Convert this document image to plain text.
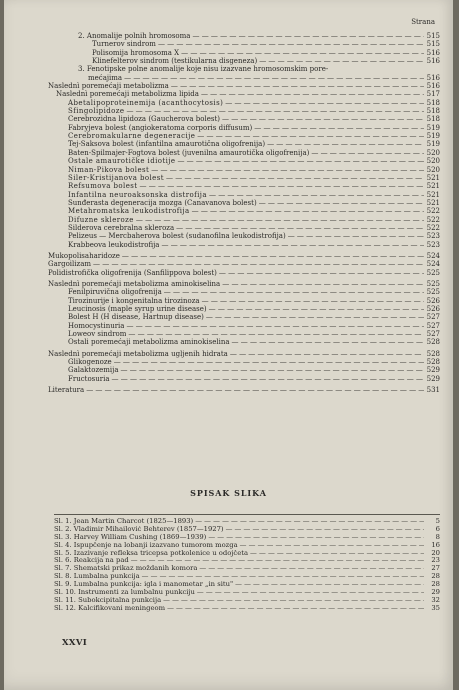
Strana
2. Anomalije polnih hromosoma — — —	515
Turnerov sindrom — — —	515
Polisomija hromosoma X — — —	516
Klinefelterov sindrom (testikularna disgeneza) — — —	516
3. Fenotipske polne anomalije koje nisu izazvane hromosomskim pore-
mećajima — — —	516
Naslednì poremećaji metabolizma — — —	516
Naslednì poremećaji metabolizma lipida — — —	517
Abetalipoproteinemija (acanthocytosis) — — —	518
Sfingolipidoze — — —	518
Cerebrozidna lipidoza (Gaucherova bolest) — — —	518
Fabryjeva bolest (angiokeratoma corporis diffusum) — — —	519
Cerebromakularne degeneracije — — —	519
Tej-Saksova bolest (infantilna amaurotična oligofrenija) — — —	519
Baten-Špilmajer-Fogtova bolest (juvenilna amaurotička oligofrenija) — — —	520
Ostale amaurotičke idiotije — — —	520
Niman-Pikova bolest — — —	520
Šiler-Kristijanova bolest — — —	521
Refsumova bolest — — —	521
Infantilna neuroaksonska distrofija — — —	521
Sunđerasta degeneracija mozga (Canavanova bolest) — — —	521
Metahromatska leukodistrofija — — —	522
Difuzne skleroze — — —	522
Šilderova cerebralna skleroza — — —	522
Pelizeus — Mercbaherova bolest (sudanofilna leukodistrofija) — — —	523
Krabbeova leukodistrofija — — —	523
Mukopolisaharidoze — — —	524
Gargoilizam — — —	524
Polidistrofička oligofrenija (Sanfilippova bolest) — — —	525
Naslednì poremećaji metabolizma aminokiselina — — —	525
Fenilpiruvična oligofrenija — — —	525
Tirozinurije i kongenitalna tirozinoza — — —	526
Leucinosis (maple syrup urine disease) — — —	526
Bolest H (H disease, Hartnup disease) — — —	527
Homocystinuria — — —	527
Loweov sindrom — — —	527
Ostali poremećaji metabolizma aminokiselina — — —	528
Naslednì poremećaji metabolizma ugljenih hidrata — — —	528
Glikogenoze — — —	528
Galaktozemija — — —	529
Fructosuria — — —	529
Literatura — — —	531
SPISAK SLIKA
Sl. 1. Jean Martin Charcot (1825—1893) — — —	5
Sl. 2. Vladimir Mihailović Behterev (1857—1927) — — —	6
Sl. 3. Harvey William Cushing (1869—1939) — — —	8
Sl. 4. Ispupčenje na lobanji izazvano tumorom mozga — — —	16
Sl. 5. Izazivanje refleksa tricepsa potkolenice u odojčeta — — —	20
Sl. 6. Reakcija na pad — — —	23
Sl. 7. Shematski prikaz moždanih komora — — —	27
Sl. 8. Lumbalna punkcija — — —	28
Sl. 9. Lumbalna punkcija: igla i manometar „in situ" — — —	28
Sl. 10. Instrumenti za lumbalnu punkciju — — —	29
Sl. 11. Subokcipitalna punkcija — — —	32
Sl. 12. Kalcifikovani meningeom — — —	35
XXVI
